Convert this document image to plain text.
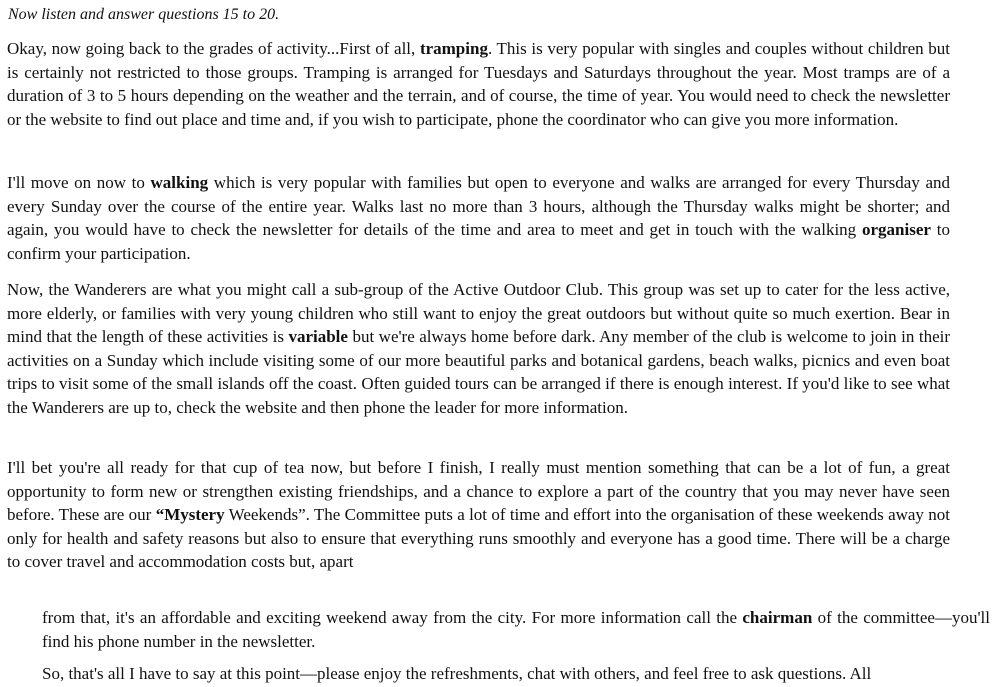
Now listen and answer questions 15 to 20.

Okay, now going back to the grades of activity...First of all, tramping. This is very popular with singles and couples without children but is certainly not restricted to those groups. Tramping is arranged for Tuesdays and Saturdays throughout the year. Most tramps are of a duration of 3 to 5 hours depending on the weather and the terrain, and of course, the time of year. You would need to check the newsletter or the website to find out place and time and, if you wish to participate, phone the coordinator who can give you more information.

I'll move on now to walking which is very popular with families but open to everyone and walks are arranged for every Thursday and every Sunday over the course of the entire year. Walks last no more than 3 hours, although the Thursday walks might be shorter; and again, you would have to check the newsletter for details of the time and area to meet and get in touch with the walking organiser to confirm your participation.

Now, the Wanderers are what you might call a sub-group of the Active Outdoor Club. This group was set up to cater for the less active, more elderly, or families with very young children who still want to enjoy the great outdoors but without quite so much exertion. Bear in mind that the length of these activities is variable but we're always home before dark. Any member of the club is welcome to join in their activities on a Sunday which include visiting some of our more beautiful parks and botanical gardens, beach walks, picnics and even boat trips to visit some of the small islands off the coast. Often guided tours can be arranged if there is enough interest. If you'd like to see what the Wanderers are up to, check the website and then phone the leader for more information.

I'll bet you're all ready for that cup of tea now, but before I finish, I really must mention something that can be a lot of fun, a great opportunity to form new or strengthen existing friendships, and a chance to explore a part of the country that you may never have seen before. These are our “Mystery Weekends”. The Committee puts a lot of time and effort into the organisation of these weekends away not only for health and safety reasons but also to ensure that everything runs smoothly and everyone has a good time. There will be a charge to cover travel and accommodation costs but, apart

from that, it's an affordable and exciting weekend away from the city. For more information call the chairman of the committee—you'll find his phone number in the newsletter.

So, that's all I have to say at this point—please enjoy the refreshments, chat with others, and feel free to ask questions. All
